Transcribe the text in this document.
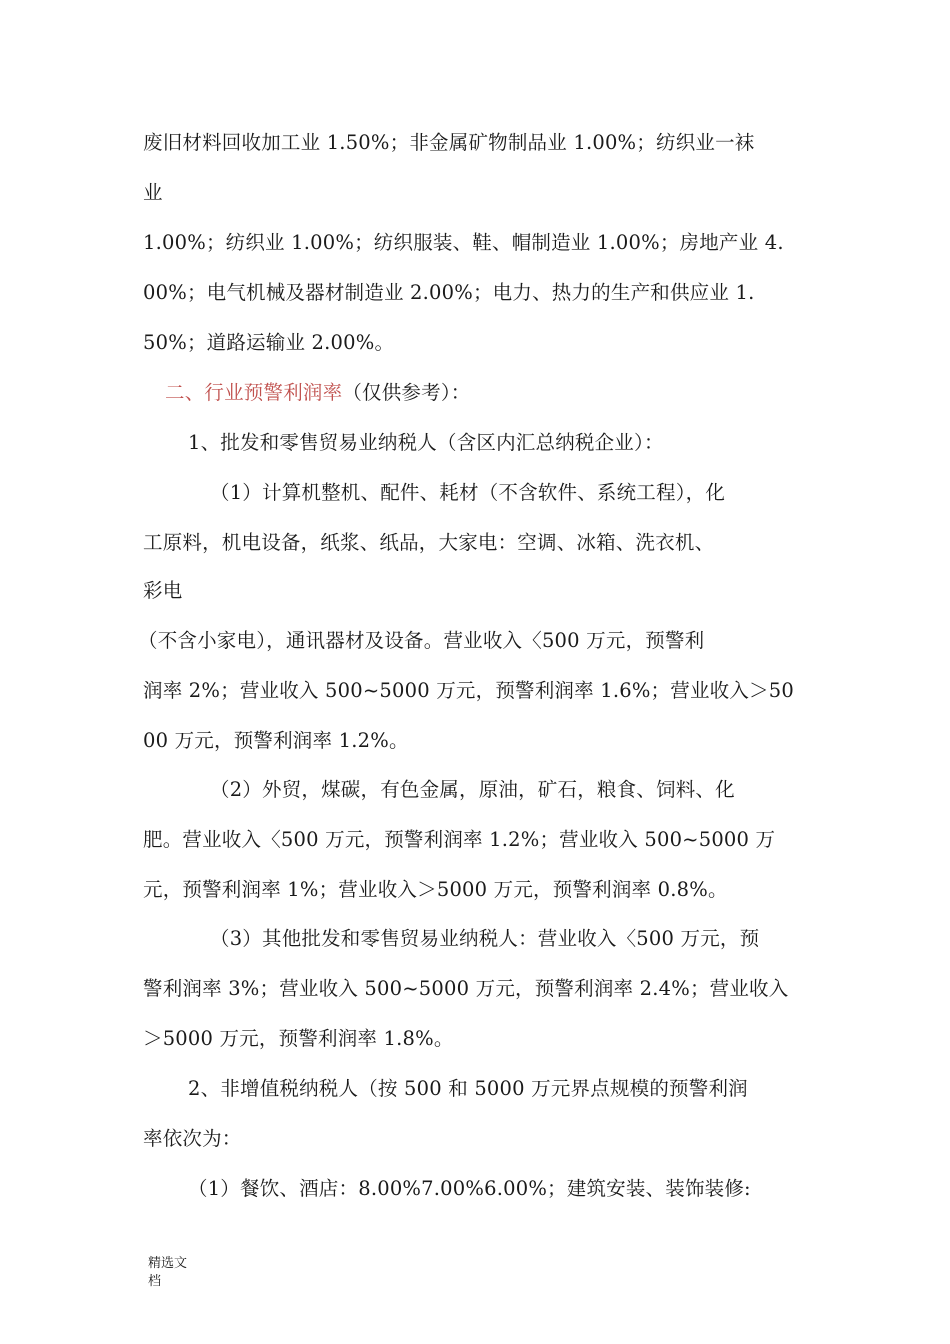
废旧材料回收加工业 1.50%；非金属矿物制品业 1.00%；纺织业一袜
业
1.00%；纺织业 1.00%；纺织服装、鞋、帽制造业 1.00%；房地产业 4.
00%；电气机械及器材制造业 2.00%；电力、热力的生产和供应业 1.
50%；道路运输业 2.00%。
二、行业预警利润率（仅供参考）：
1、批发和零售贸易业纳税人（含区内汇总纳税企业）：
（1）计算机整机、配件、耗材（不含软件、系统工程），化
工原料，机电设备，纸浆、纸品，大家电：空调、冰箱、洗衣机、
彩电
（不含小家电），通讯器材及设备。营业收入〈500 万元，预警利
润率 2%；营业收入 500~5000 万元，预警利润率 1.6%；营业收入＞50
00 万元，预警利润率 1.2%。
（2）外贸，煤碳，有色金属，原油，矿石，粮食、饲料、化
肥。营业收入〈500 万元，预警利润率 1.2%；营业收入 500~5000 万
元，预警利润率 1%；营业收入＞5000 万元，预警利润率 0.8%。
（3）其他批发和零售贸易业纳税人：营业收入〈500 万元，预
警利润率 3%；营业收入 500~5000 万元，预警利润率 2.4%；营业收入
＞5000 万元，预警利润率 1.8%。
2、非增值税纳税人（按 500 和 5000 万元界点规模的预警利润
率依次为：
（1）餐饮、酒店：8.00%7.00%6.00%；建筑安装、装饰装修:
精选文
档
